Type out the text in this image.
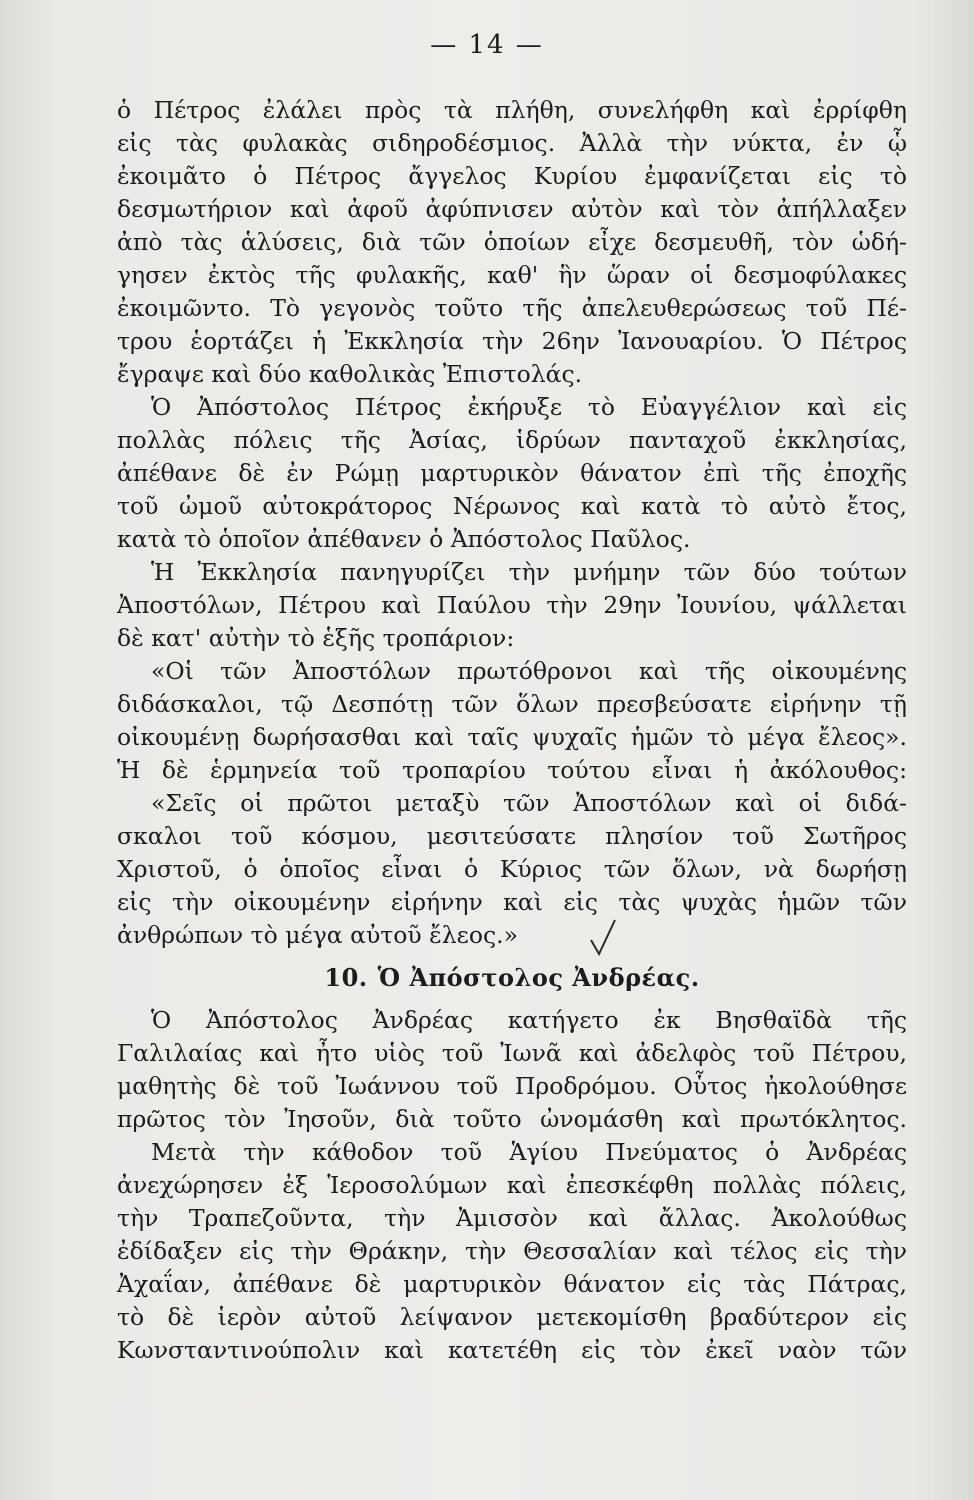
— 14 —
ὁ Πέτρος ἐλάλει πρὸς τὰ πλήθη, συνελήφθη καὶ ἐρρίφθη
εἰς τὰς φυλακὰς σιδηροδέσμιος. Ἀλλὰ τὴν νύκτα, ἐν ᾧ
ἐκοιμᾶτο ὁ Πέτρος ἄγγελος Κυρίου ἐμφανίζεται εἰς τὸ
δεσμωτήριον καὶ ἀφοῦ ἀφύπνισεν αὐτὸν καὶ τὸν ἀπήλλαξεν
ἀπὸ τὰς ἁλύσεις, διὰ τῶν ὁποίων εἶχε δεσμευθῆ, τὸν ὡδή-
γησεν ἐκτὸς τῆς φυλακῆς, καθ' ἣν ὥραν οἱ δεσμοφύλακες
ἐκοιμῶντο. Τὸ γεγονὸς τοῦτο τῆς ἀπελευθερώσεως τοῦ Πέ-
τρου ἑορτάζει ἡ Ἐκκλησία τὴν 26ην Ἰανουαρίου. Ὁ Πέτρος
ἔγραψε καὶ δύο καθολικὰς Ἐπιστολάς.
Ὁ Ἀπόστολος Πέτρος ἐκήρυξε τὸ Εὐαγγέλιον καὶ εἰς
πολλὰς πόλεις τῆς Ἀσίας, ἱδρύων πανταχοῦ ἐκκλησίας,
ἀπέθανε δὲ ἐν Ρώμῃ μαρτυρικὸν θάνατον ἐπὶ τῆς ἐποχῆς
τοῦ ὠμοῦ αὐτοκράτορος Νέρωνος καὶ κατὰ τὸ αὐτὸ ἔτος,
κατὰ τὸ ὁποῖον ἀπέθανεν ὁ Ἀπόστολος Παῦλος.
Ἡ Ἐκκλησία πανηγυρίζει τὴν μνήμην τῶν δύο τούτων
Ἀποστόλων, Πέτρου καὶ Παύλου τὴν 29ην Ἰουνίου, ψάλλεται
δὲ κατ' αὐτὴν τὸ ἑξῆς τροπάριον:
«Οἱ τῶν Ἀποστόλων πρωτόθρονοι καὶ τῆς οἰκουμένης
διδάσκαλοι, τῷ Δεσπότῃ τῶν ὅλων πρεσβεύσατε εἰρήνην τῇ
οἰκουμένῃ δωρήσασθαι καὶ ταῖς ψυχαῖς ἡμῶν τὸ μέγα ἔλεος».
Ἡ δὲ ἑρμηνεία τοῦ τροπαρίου τούτου εἶναι ἡ ἀκόλουθος:
«Σεῖς οἱ πρῶτοι μεταξὺ τῶν Ἀποστόλων καὶ οἱ διδά-
σκαλοι τοῦ κόσμου, μεσιτεύσατε πλησίον τοῦ Σωτῆρος
Χριστοῦ, ὁ ὁποῖος εἶναι ὁ Κύριος τῶν ὅλων, νὰ δωρήσῃ
εἰς τὴν οἰκουμένην εἰρήνην καὶ εἰς τὰς ψυχὰς ἡμῶν τῶν
ἀνθρώπων τὸ μέγα αὐτοῦ ἔλεος.»
10. Ὁ Ἀπόστολος Ἀνδρέας.
Ὁ Ἀπόστολος Ἀνδρέας κατήγετο ἐκ Βησθαϊδὰ τῆς
Γαλιλαίας καὶ ἦτο υἱὸς τοῦ Ἰωνᾶ καὶ ἀδελφὸς τοῦ Πέτρου,
μαθητὴς δὲ τοῦ Ἰωάννου τοῦ Προδρόμου. Οὗτος ἠκολούθησε
πρῶτος τὸν Ἰησοῦν, διὰ τοῦτο ὠνομάσθη καὶ πρωτόκλητος.
Μετὰ τὴν κάθοδον τοῦ Ἁγίου Πνεύματος ὁ Ἀνδρέας
ἀνεχώρησεν ἐξ Ἱεροσολύμων καὶ ἐπεσκέφθη πολλὰς πόλεις,
τὴν Τραπεζοῦντα, τὴν Ἀμισσὸν καὶ ἄλλας. Ἀκολούθως
ἐδίδαξεν εἰς τὴν Θράκην, τὴν Θεσσαλίαν καὶ τέλος εἰς τὴν
Ἀχαΐαν, ἀπέθανε δὲ μαρτυρικὸν θάνατον εἰς τὰς Πάτρας,
τὸ δὲ ἱερὸν αὐτοῦ λείψανον μετεκομίσθη βραδύτερον εἰς
Κωνσταντινούπολιν καὶ κατετέθη εἰς τὸν ἐκεῖ ναὸν τῶν
